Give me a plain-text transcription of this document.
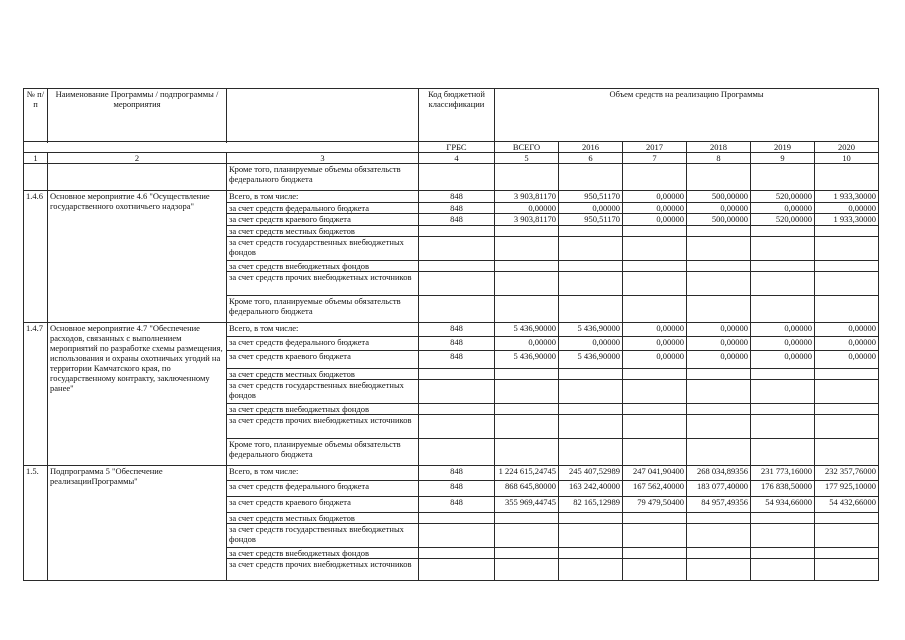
№ п/п	Наименование Программы / подпрограммы / мероприятия		Код бюджетной классификации	Объем средств на реализацию Программы					

			ГРБС	ВСЕГО	2016	2017	2018	2019	2020
1	2	3	4	5	6	7	8	9	10
		Кроме того, планируемые объемы обязательств федерального бюджета							
1.4.6	Основное мероприятие 4.6 "Осуществление государственного охотничьего надзора"	Всего, в том числе:	848	3 903,81170	950,51170	0,00000	500,00000	520,00000	1 933,30000
		за счет средств федерального бюджета	848	0,00000	0,00000	0,00000	0,00000	0,00000	0,00000
		за счет средств краевого бюджета	848	3 903,81170	950,51170	0,00000	500,00000	520,00000	1 933,30000
		за счет средств местных бюджетов							
		за счет средств государственных внебюджетных фондов							
		за счет средств внебюджетных фондов							
		за счет средств прочих внебюджетных источников							
		Кроме того, планируемые объемы обязательств федерального бюджета							
1.4.7	Основное мероприятие 4.7 "Обеспечение расходов, связанных с выполнением мероприятий по разработке схемы размещения, использования и охраны охотничьих угодий на территории Камчатского края, по государственному контракту, заключенному ранее"	Всего, в том числе:	848	5 436,90000	5 436,90000	0,00000	0,00000	0,00000	0,00000
		за счет средств федерального бюджета	848	0,00000	0,00000	0,00000	0,00000	0,00000	0,00000
		за счет средств краевого бюджета	848	5 436,90000	5 436,90000	0,00000	0,00000	0,00000	0,00000
		за счет средств местных бюджетов							
		за счет средств государственных внебюджетных фондов							
		за счет средств внебюджетных фондов							
		за счет средств прочих внебюджетных источников							
		Кроме того, планируемые объемы обязательств федерального бюджета							
1.5.	Подпрограмма 5 "Обеспечение реализацииПрограммы"	Всего, в том числе:	848	1 224 615,24745	245 407,52989	247 041,90400	268 034,89356	231 773,16000	232 357,76000
		за счет средств федерального бюджета	848	868 645,80000	163 242,40000	167 562,40000	183 077,40000	176 838,50000	177 925,10000
		за счет средств краевого бюджета	848	355 969,44745	82 165,12989	79 479,50400	84 957,49356	54 934,66000	54 432,66000
		за счет средств местных бюджетов							
		за счет средств государственных внебюджетных фондов							
		за счет средств внебюджетных фондов							
		за счет средств прочих внебюджетных источников							
